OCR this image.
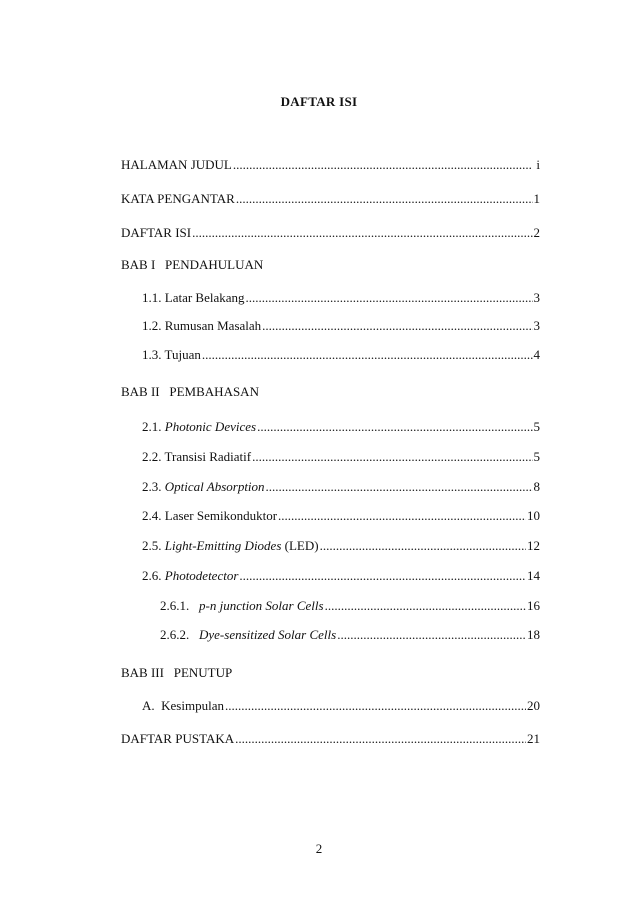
DAFTAR ISI
HALAMAN JUDUL .....	i
KATA PENGANTAR .....	1
DAFTAR ISI .....	2
BAB I   PENDAHULUAN
1.1. Latar Belakang .....	3
1.2. Rumusan Masalah .....	3
1.3. Tujuan .....	4
BAB II   PEMBAHASAN
2.1. Photonic Devices .....	5
2.2. Transisi Radiatif .....	5
2.3. Optical Absorption .....	8
2.4. Laser Semikonduktor .....	10
2.5. Light-Emitting Diodes (LED) .....	12
2.6. Photodetector .....	14
2.6.1.   p-n junction Solar Cells .....	16
2.6.2.   Dye-sensitized Solar Cells .....	18
BAB III   PENUTUP
A.  Kesimpulan .....	20
DAFTAR PUSTAKA .....	21
2
